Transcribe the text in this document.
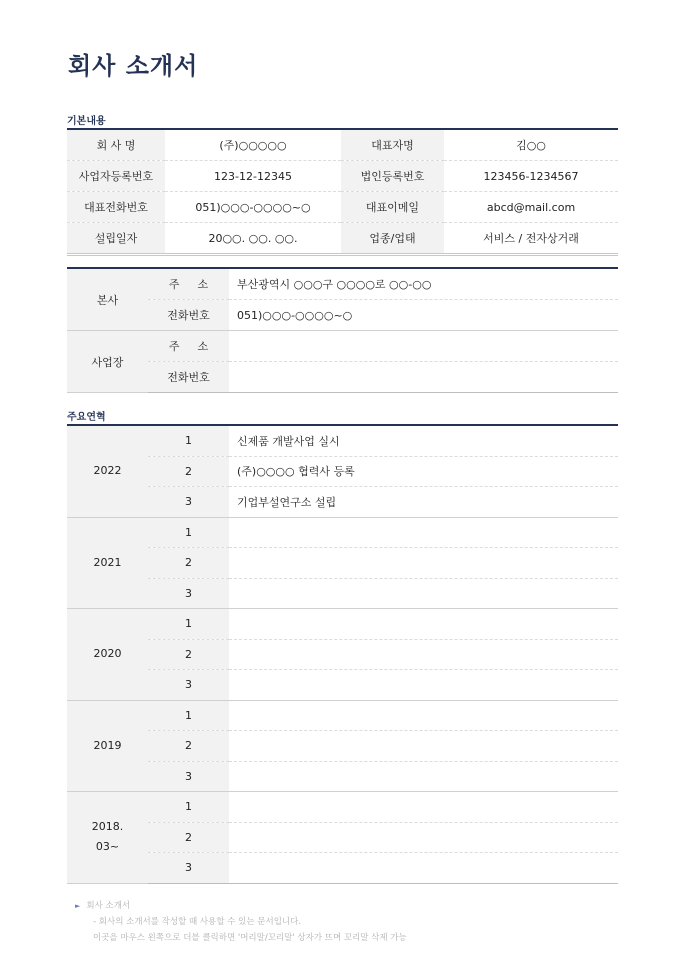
회사 소개서
기본내용
회 사 명	(주)○○○○○	대표자명	김○○
사업자등록번호	123-12-12345	법인등록번호	123456-1234567
대표전화번호	051)○○○-○○○○~○	대표이메일	abcd@mail.com
설립일자	20○○. ○○. ○○.	업종/업태	서비스 / 전자상거래
본사	주 　 소	부산광역시 ○○○구 ○○○○로 ○○-○○
	전화번호	051)○○○-○○○○~○
사업장	주 　 소	
	전화번호	
주요연혁
2022	1	신제품 개발사업 실시
	2	(주)○○○○ 협력사 등록
	3	기업부설연구소 설립
2021	1	
	2	
	3	
2020	1	
	2	
	3	
2019	1	
	2	
	3	
2018.
03~	1	
	2	
	3	
► 회사 소개서
- 회사의 소개서를 작성할 때 사용할 수 있는 문서입니다.
이곳을 마우스 왼쪽으로 더블 클릭하면 '머리말/꼬리말' 상자가 뜨며 꼬리말 삭제 가능
